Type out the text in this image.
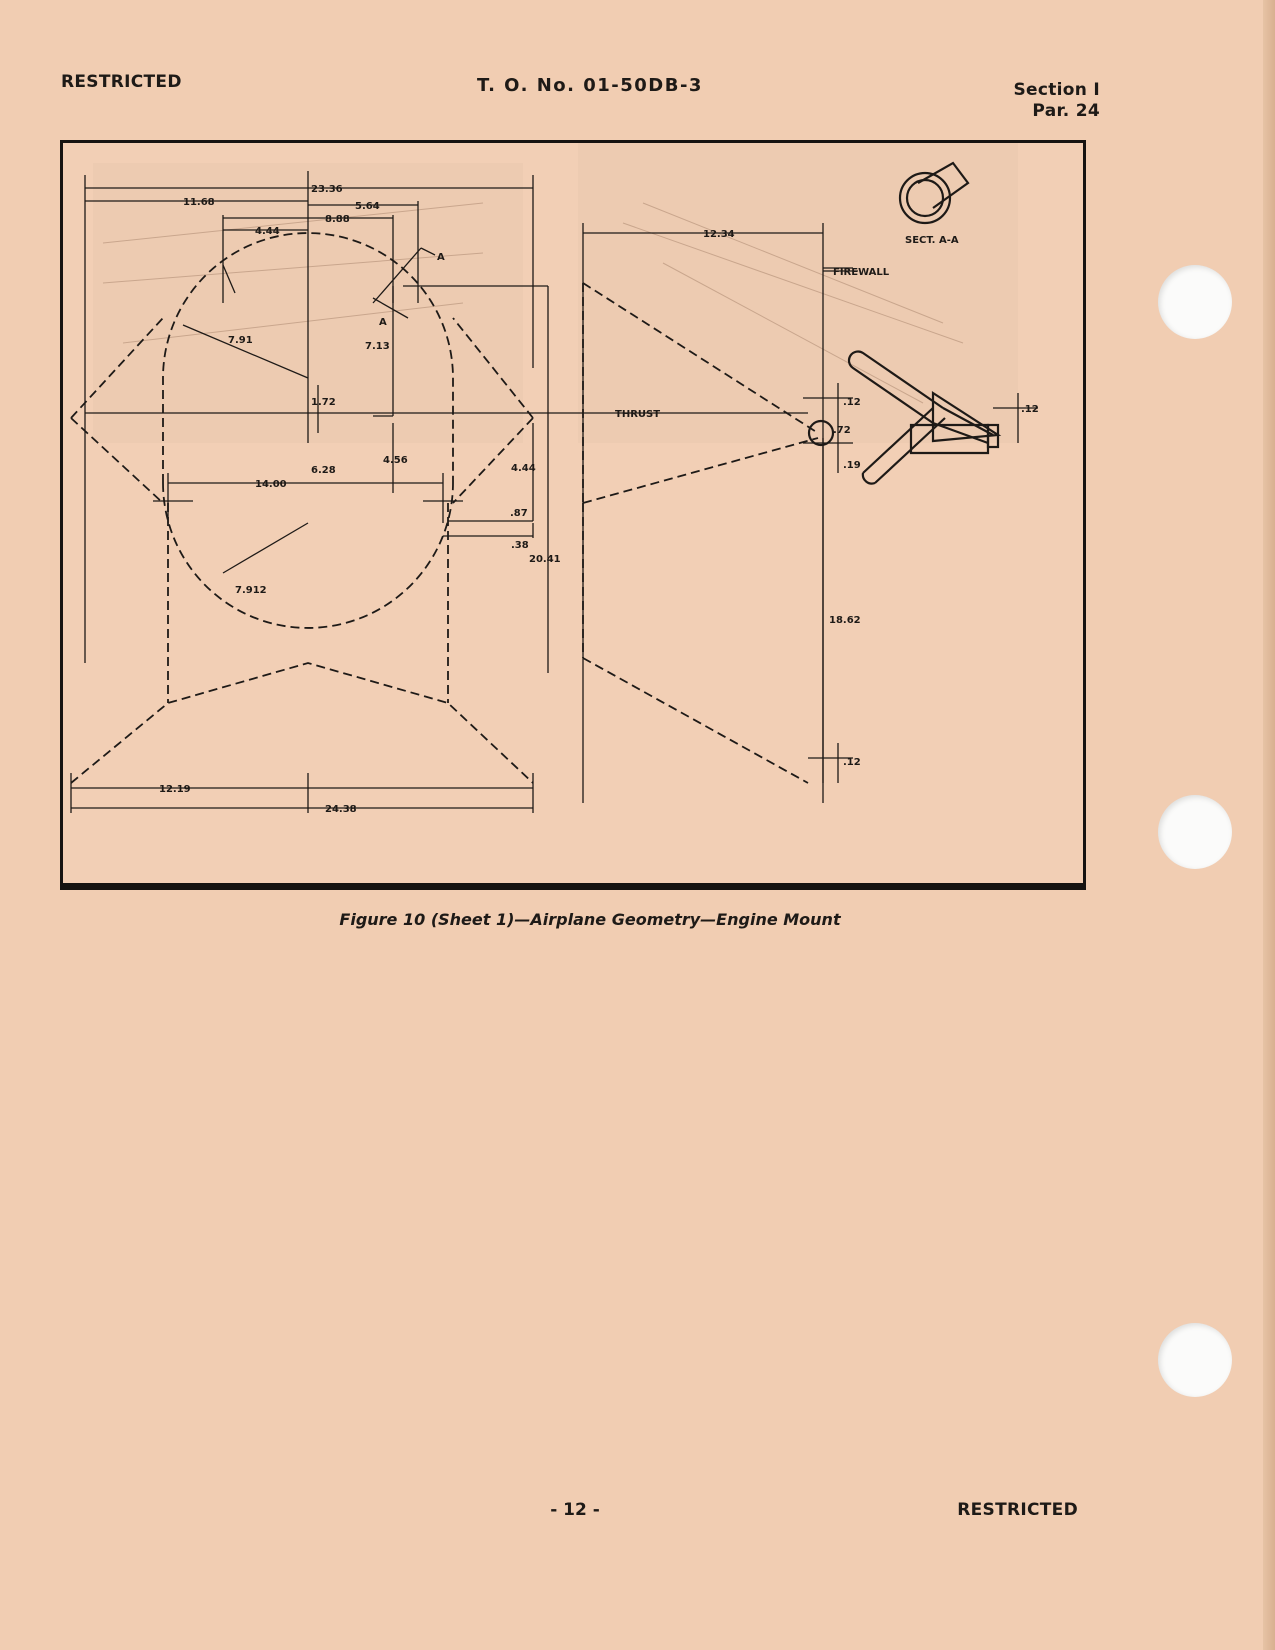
RESTRICTED	T. O. No. 01-50DB-3	Section I
Par. 24
23.36
11.68	5.64
8.88
4.44
7.91
7.13
1.72
4.56
6.28
14.00
4.44
.87
.38
20.41
7.912
12.19
24.38
A
A
12.34
THRUST
FIREWALL
SECT. A-A
.12
.72
.19
18.62
.12
.12
Figure 10 (Sheet 1)—Airplane Geometry—Engine Mount
- 12 -	RESTRICTED
